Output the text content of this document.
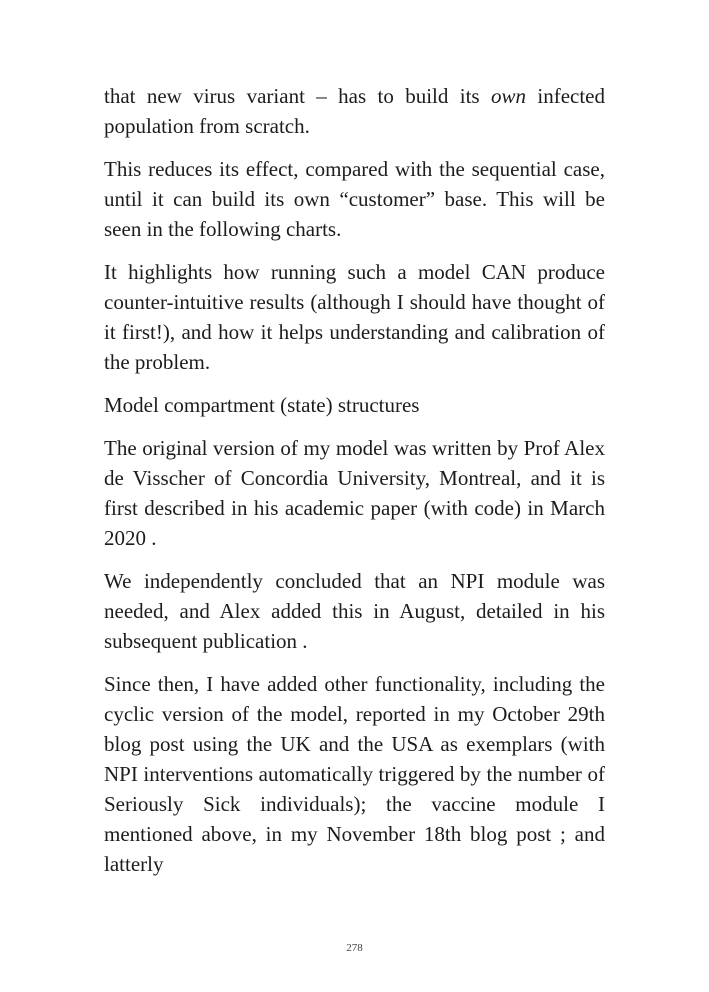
that new virus variant – has to build its own infected population from scratch.

This reduces its effect, compared with the sequential case, until it can build its own “customer” base. This will be seen in the following charts.

It highlights how running such a model CAN produce counter-intuitive results (although I should have thought of it first!), and how it helps understanding and calibration of the problem.

Model compartment (state) structures

The original version of my model was written by Prof Alex de Visscher of Concordia University, Montreal, and it is first described in his academic paper (with code) in March 2020 .

We independently concluded that an NPI module was needed, and Alex added this in August, detailed in his subsequent publication .

Since then, I have added other functionality, including the cyclic version of the model, reported in my October 29th blog post using the UK and the USA as exemplars (with NPI interventions automatically triggered by the number of Seriously Sick individuals); the vaccine module I mentioned above, in my November 18th blog post ; and latterly

278
